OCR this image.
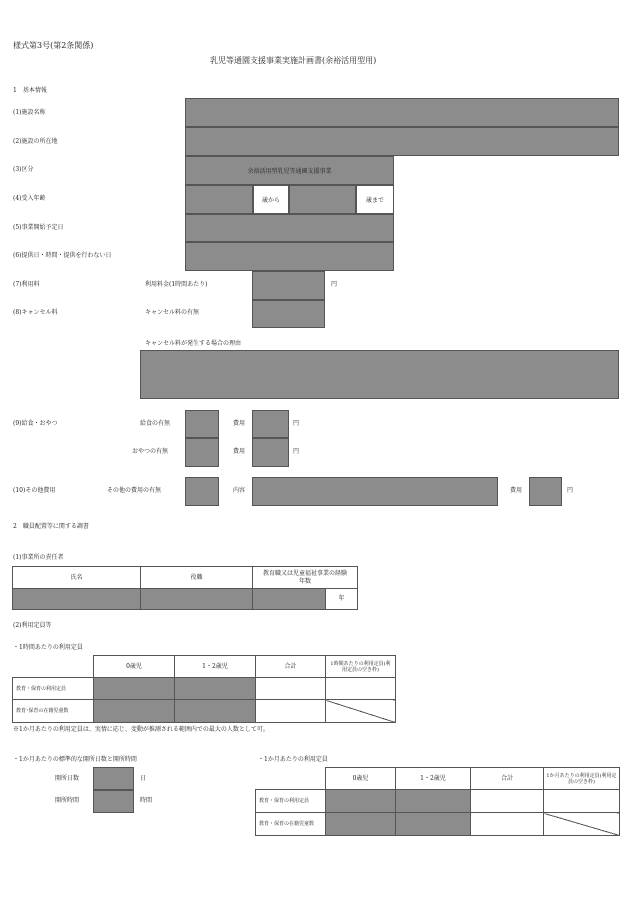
様式第3号(第2条関係)
乳児等通園支援事業実施計画書(余裕活用型用)
1　基本情報
(1)施設名称
(2)施設の所在地
(3)区分	余裕活用型乳児等通園支援事業
(4)受入年齢	歳から	歳まで
(5)事業開始予定日
(6)提供日・時間・提供を行わない日
(7)利用料	利用料金(1時間あたり)	円
(8)キャンセル料	キャンセル料の有無
キャンセル料が発生する場合の理由
(9)給食・おやつ	給食の有無	費用	円
おやつの有無	費用	円
(10)その他費用	その他の費用の有無	内容	費用	円
2　職員配置等に関する調書
(1)事業所の責任者
氏名	役職	教育職又は児童福祉事業の経験年数	
			年
(2)利用定員等
・1時間あたりの利用定員
	0歳児	1・2歳児	合計	1時間あたりの利用定員(利用定員の空き枠)
教育・保育の利用定員				
教育･保育の在籍児童数				
※1か月あたりの利用定員は、実情に応じ、変動が推測される範囲内での最大の人数として可。
・1か月あたりの標準的な開所日数と開所時間
開所日数	日
開所時間	時間
・1か月あたりの利用定員
	0歳児	1・2歳児	合計	1か月あたりの利用定員(利用定員の空き枠)
教育・保育の利用定員				
教育・保育の在籍児童数				
